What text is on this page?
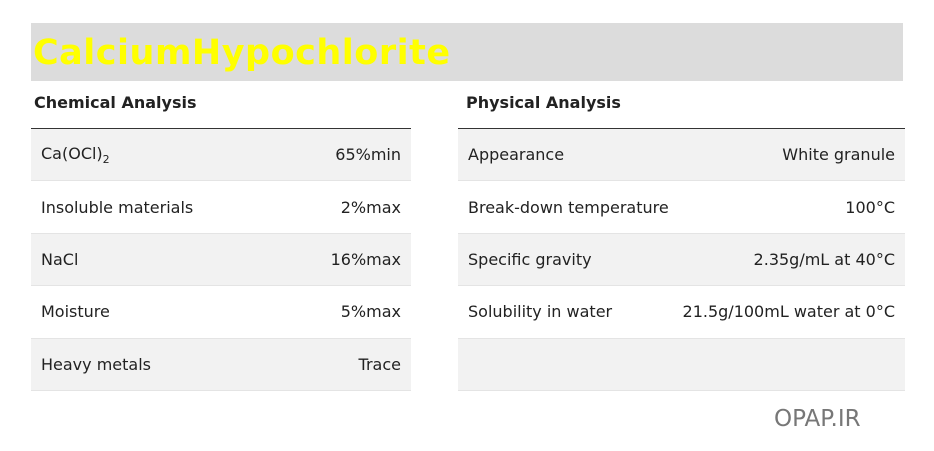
CalciumHypochlorite
Chemical Analysis
$Ca(OCl)_2$	65%min
Insoluble materials	2%max
NaCl	16%max
Moisture	5%max
Heavy metals	Trace
Physical Analysis
Appearance	White granule
Break-down temperature	100°C
Specific gravity	2.35g/mL at 40°C
Solubility in water	21.5g/100mL water at 0°C
OPAP.IR
